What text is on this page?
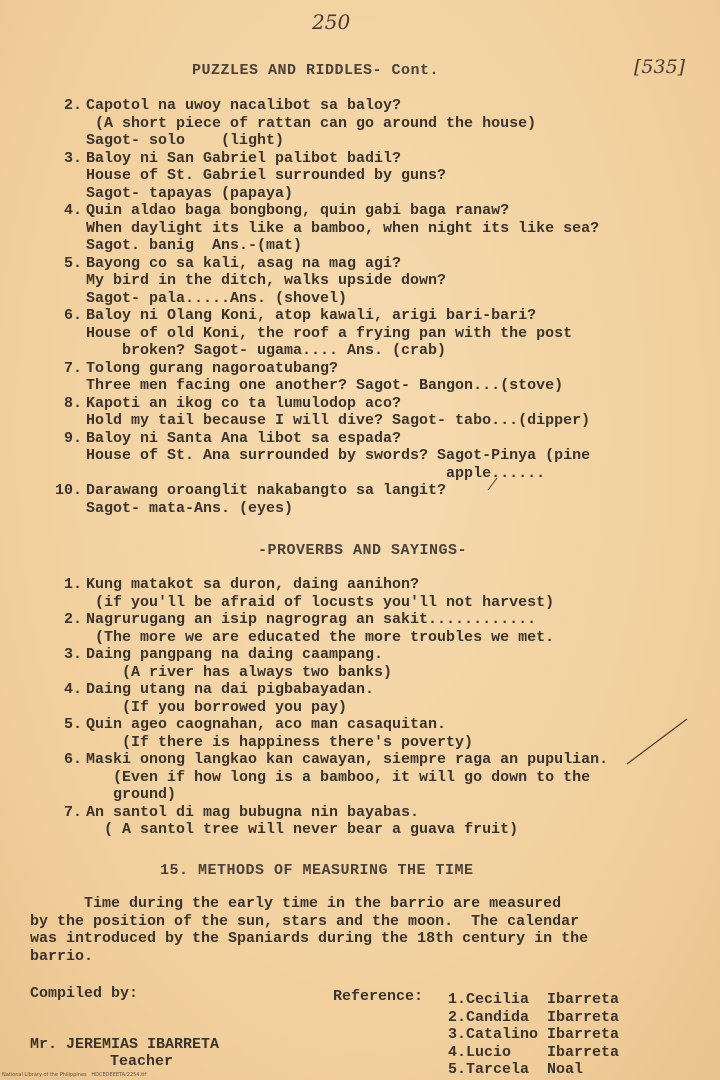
250
[535]
PUZZLES AND RIDDLES- Cont.
2. Capotol na uwoy nacalibot sa baloy?
(A short piece of rattan can go around the house)
Sagot- solo    (light)
3. Baloy ni San Gabriel palibot badil?
House of St. Gabriel surrounded by guns?
Sagot- tapayas (papaya)
4. Quin aldao baga bongbong, quin gabi baga ranaw?
When daylight its like a bamboo, when night its like sea?
Sagot. banig  Ans.-(mat)
5. Bayong co sa kali, asag na mag agi?
My bird in the ditch, walks upside down?
Sagot- pala.....Ans. (shovel)
6. Baloy ni Olang Koni, atop kawali, arigi bari-bari?
House of old Koni, the roof a frying pan with the post
broken? Sagot- ugama.... Ans. (crab)
7. Tolong gurang nagoroatubang?
Three men facing one another? Sagot- Bangon...(stove)
8. Kapoti an ikog co ta lumulodop aco?
Hold my tail because I will dive? Sagot- tabo...(dipper)
9. Baloy ni Santa Ana libot sa espada?
House of St. Ana surrounded by swords? Sagot-Pinya (pine
apple......
10. Darawang oroanglit nakabangto sa langit?
Sagot- mata-Ans. (eyes)
-PROVERBS AND SAYINGS-
1. Kung matakot sa duron, daing aanihon?
(if you'll be afraid of locusts you'll not harvest)
2. Nagrurugang an isip nagrograg an sakit............
(The more we are educated the more troubles we met.
3. Daing pangpang na daing caampang.
(A river has always two banks)
4. Daing utang na dai pigbabayadan.
(If you borrowed you pay)
5. Quin ageo caognahan, aco man casaquitan.
(If there is happiness there's poverty)
6. Maski onong langkao kan cawayan, siempre raga an pupulian.
(Even if how long is a bamboo, it will go down to the
ground)
7. An santol di mag bubugna nin bayabas.
( A santol tree will never bear a guava fruit)
15. METHODS OF MEASURING THE TIME
Time during the early time in the barrio are measured
by the position of the sun, stars and the moon.  The calendar
was introduced by the Spaniards during the 18th century in the
barrio.
Compiled by:
Mr. JEREMIAS IBARRETA
Teacher
Reference: 1.Cecilia  Ibarreta
2.Candida  Ibarreta
3.Catalino Ibarreta
4.Lucio    Ibarreta
5.Tarcela  Noal
National Library of the Philippines   HDCEDEEETA/2254.tif
